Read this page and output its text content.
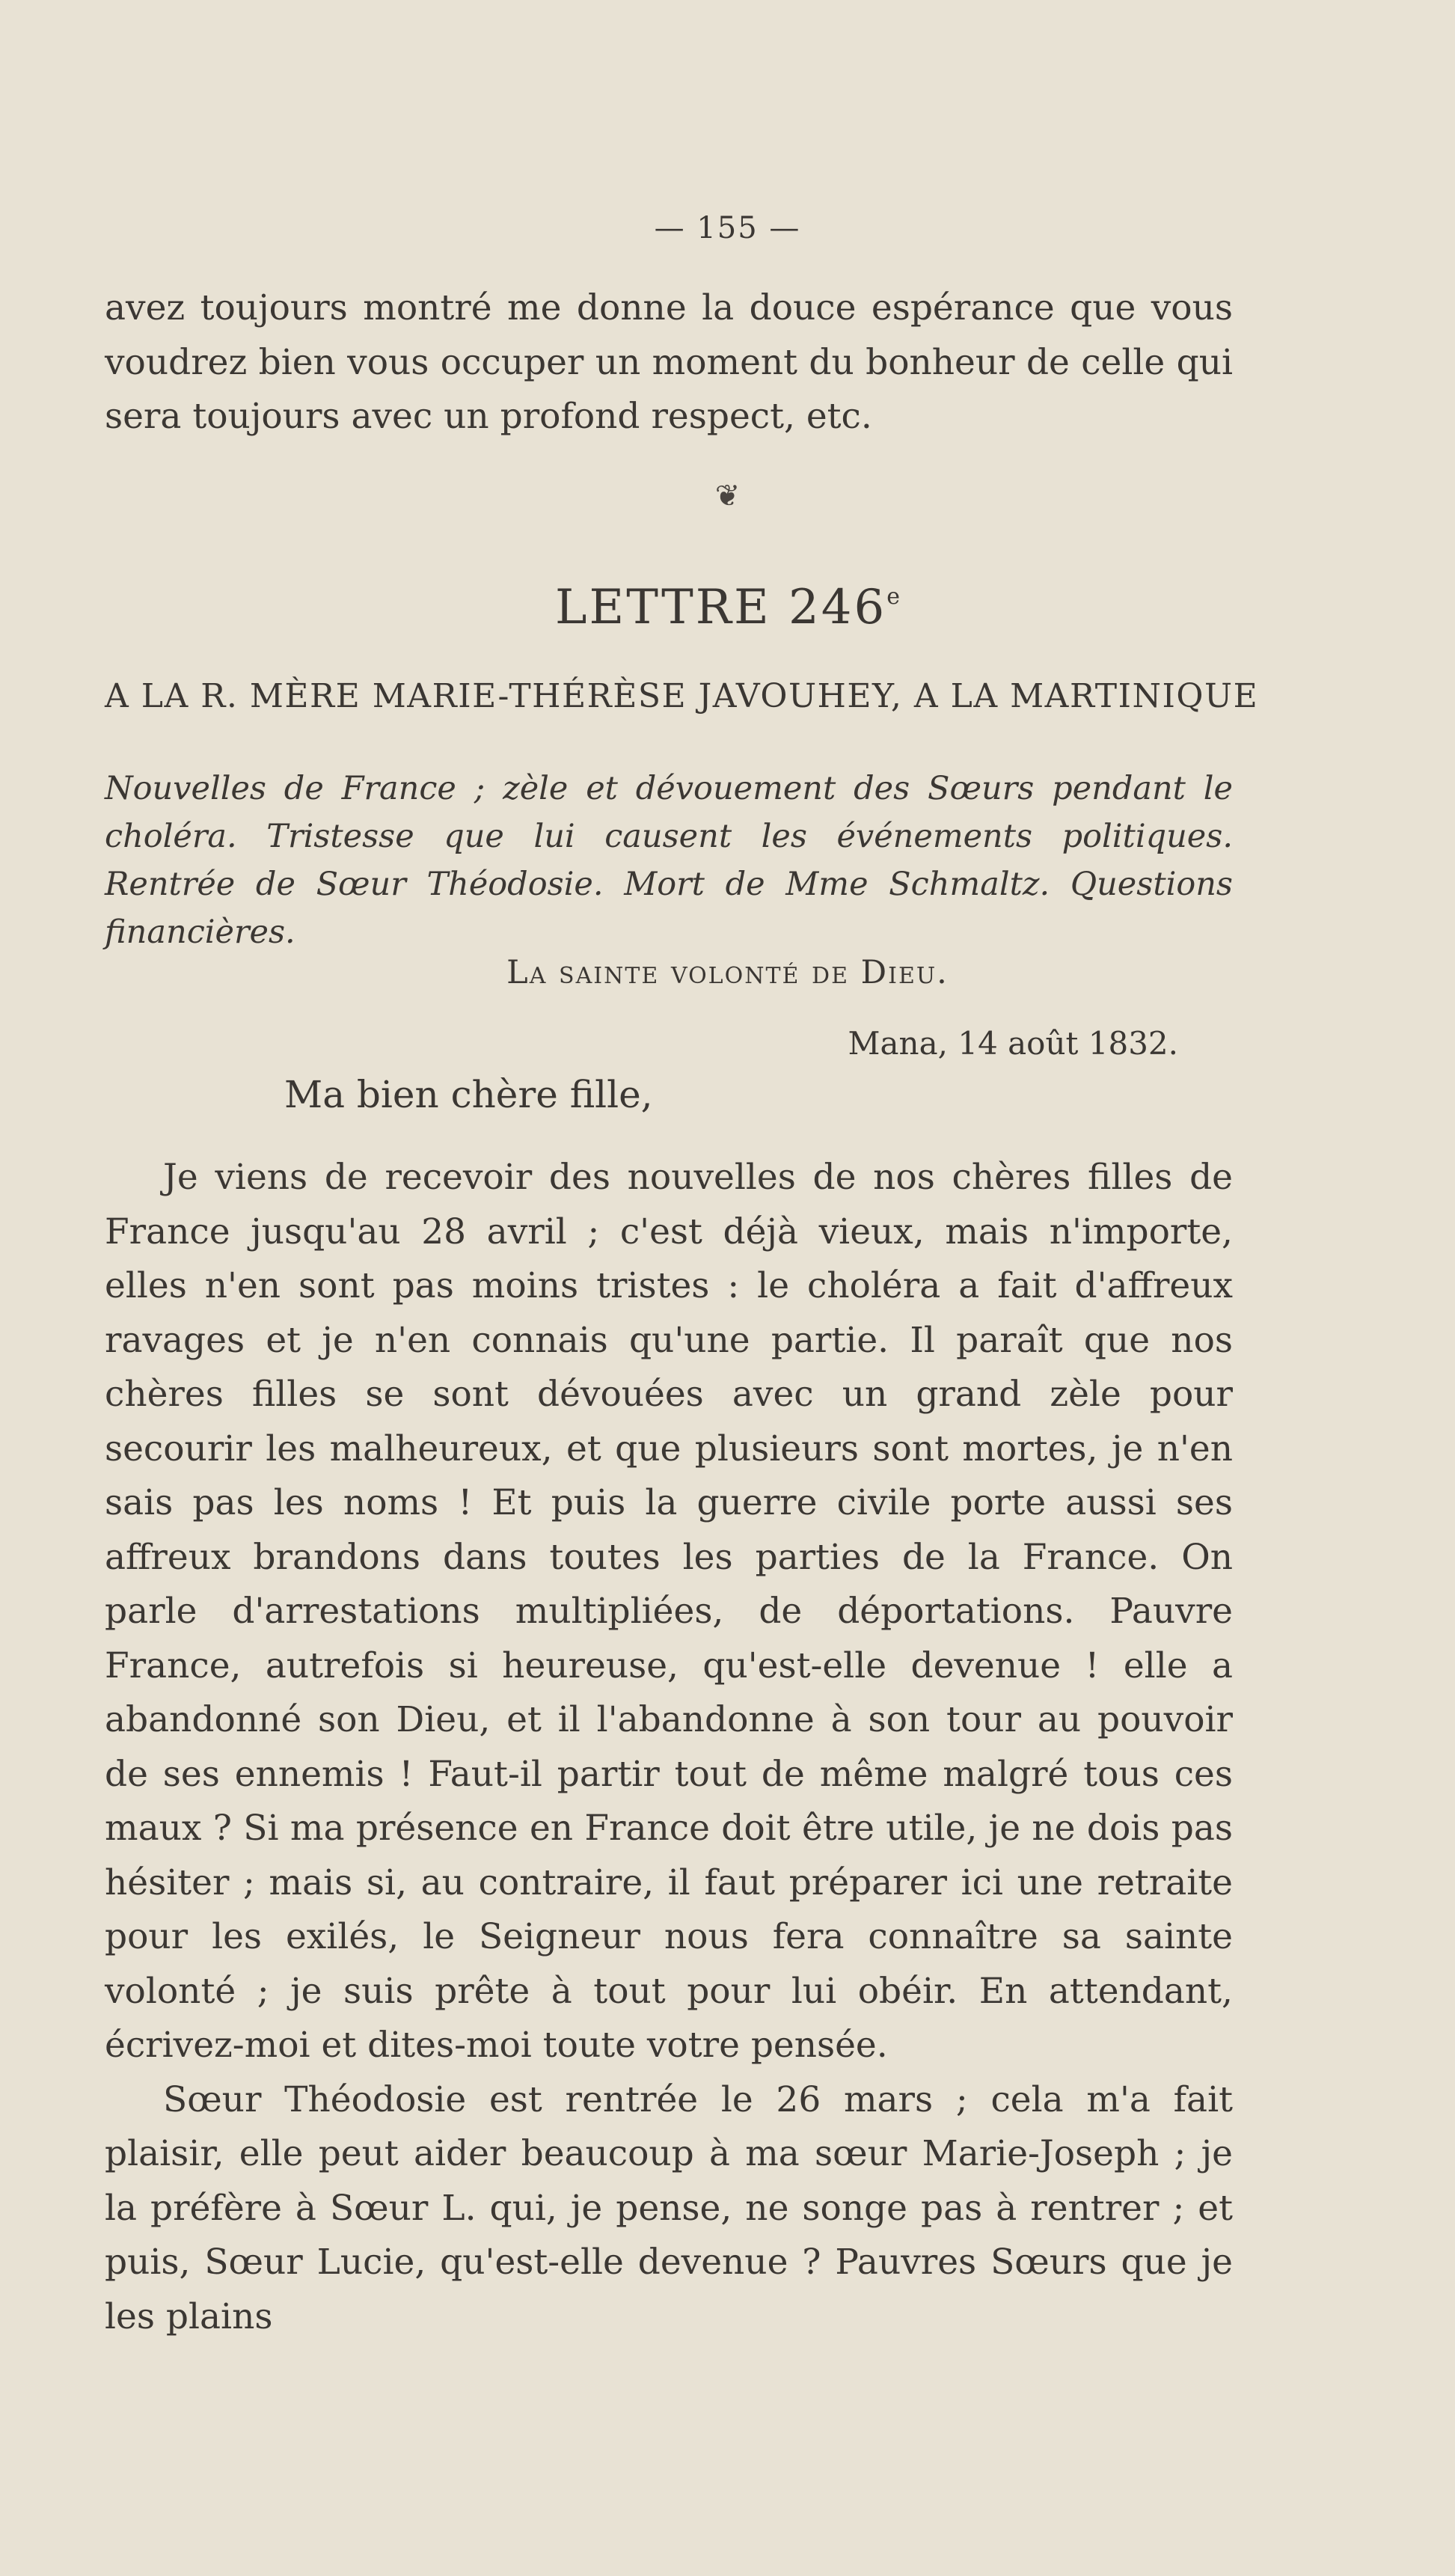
— 155 —

avez toujours montré me donne la douce espérance que vous voudrez bien vous occuper un moment du bonheur de celle qui sera toujours avec un profond respect, etc.

❦
LETTRE 246e
A LA R. MÈRE MARIE-THÉRÈSE JAVOUHEY, A LA MARTINIQUE
Nouvelles de France ; zèle et dévouement des Sœurs pendant le choléra. Tristesse que lui causent les événements politiques. Rentrée de Sœur Théodosie. Mort de Mme Schmaltz. Questions financières.
La sainte volonté de Dieu.
Mana, 14 août 1832.
Ma bien chère fille,

Je viens de recevoir des nouvelles de nos chères filles de France jusqu'au 28 avril ; c'est déjà vieux, mais n'importe, elles n'en sont pas moins tristes : le choléra a fait d'affreux ravages et je n'en connais qu'une partie. Il paraît que nos chères filles se sont dévouées avec un grand zèle pour secourir les malheureux, et que plusieurs sont mortes, je n'en sais pas les noms ! Et puis la guerre civile porte aussi ses affreux brandons dans toutes les parties de la France. On parle d'arrestations multipliées, de déportations. Pauvre France, autrefois si heureuse, qu'est-elle devenue ! elle a abandonné son Dieu, et il l'abandonne à son tour au pouvoir de ses ennemis ! Faut-il partir tout de même malgré tous ces maux ? Si ma présence en France doit être utile, je ne dois pas hésiter ; mais si, au contraire, il faut préparer ici une retraite pour les exilés, le Seigneur nous fera connaître sa sainte volonté ; je suis prête à tout pour lui obéir. En attendant, écrivez-moi et dites-moi toute votre pensée.

Sœur Théodosie est rentrée le 26 mars ; cela m'a fait plaisir, elle peut aider beaucoup à ma sœur Marie-Joseph ; je la préfère à Sœur L. qui, je pense, ne songe pas à rentrer ; et puis, Sœur Lucie, qu'est-elle devenue ? Pauvres Sœurs que je les plains
